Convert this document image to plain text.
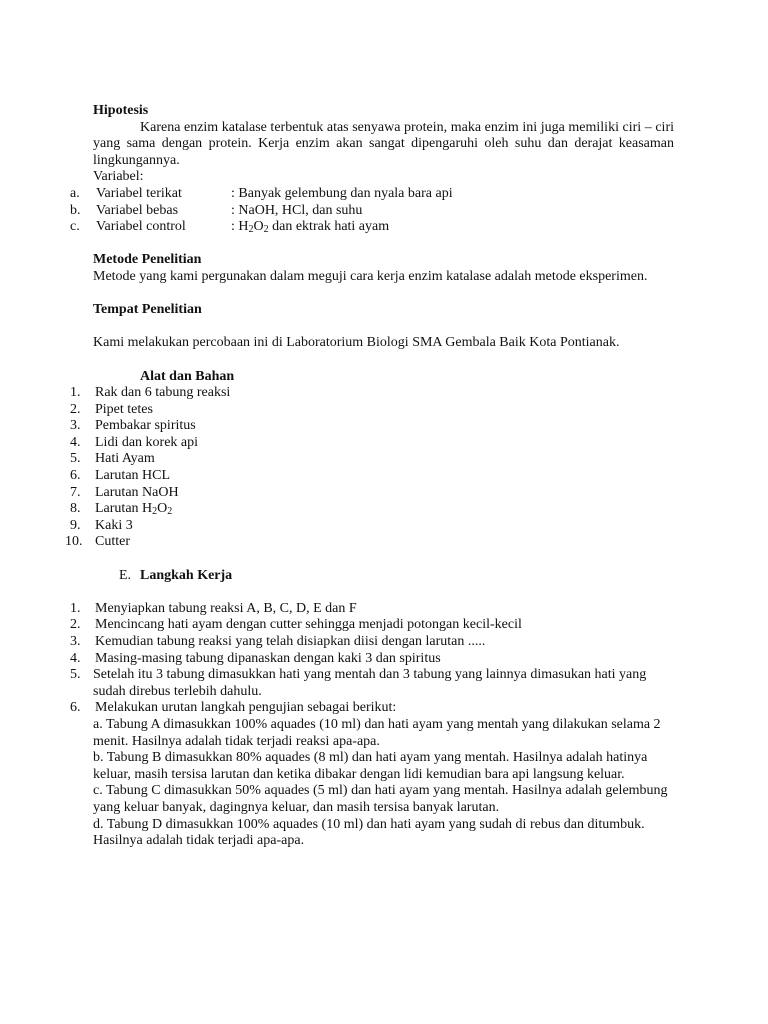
Hipotesis
Karena enzim katalase terbentuk atas senyawa protein, maka enzim ini juga memiliki ciri – ciri yang sama dengan protein. Kerja enzim akan sangat dipengaruhi oleh suhu dan derajat keasaman lingkungannya.
Variabel:
a. Variabel terikat	: Banyak gelembung dan nyala bara api
b. Variabel bebas	: NaOH, HCl, dan suhu
c. Variabel control	: $H_2O_2$ dan ektrak hati ayam
Metode Penelitian
Metode yang kami pergunakan dalam meguji cara kerja enzim katalase adalah metode eksperimen.
Tempat Penelitian
Kami melakukan percobaan ini di Laboratorium Biologi SMA Gembala Baik Kota Pontianak.
Alat dan Bahan
1. Rak dan 6 tabung reaksi
2. Pipet tetes
3. Pembakar spiritus
4. Lidi dan korek api
5. Hati Ayam
6. Larutan HCL
7. Larutan NaOH
8. Larutan $H_2O_2$
9. Kaki 3
10. Cutter
E. Langkah Kerja
1. Menyiapkan tabung reaksi A, B, C, D, E dan F
2. Mencincang hati ayam dengan cutter sehingga menjadi potongan kecil-kecil
3. Kemudian tabung reaksi yang telah disiapkan diisi dengan larutan .....
4. Masing-masing tabung dipanaskan dengan kaki 3 dan spiritus
5. Setelah itu 3 tabung dimasukkan hati yang mentah dan 3 tabung yang lainnya dimasukan hati yang sudah direbus terlebih dahulu.
6. Melakukan urutan langkah pengujian sebagai berikut:
a. Tabung A dimasukkan 100% aquades (10 ml) dan hati ayam yang mentah yang dilakukan selama 2 menit. Hasilnya adalah tidak terjadi reaksi apa-apa.
b. Tabung B dimasukkan 80% aquades (8 ml) dan hati ayam yang mentah. Hasilnya adalah hatinya keluar, masih tersisa larutan dan ketika dibakar dengan lidi kemudian bara api langsung keluar.
c. Tabung C dimasukkan 50% aquades (5 ml) dan hati ayam yang mentah. Hasilnya adalah gelembung yang keluar banyak, dagingnya keluar, dan masih tersisa banyak larutan.
d. Tabung D dimasukkan 100% aquades (10 ml) dan hati ayam yang sudah di rebus dan ditumbuk. Hasilnya adalah tidak terjadi apa-apa.
